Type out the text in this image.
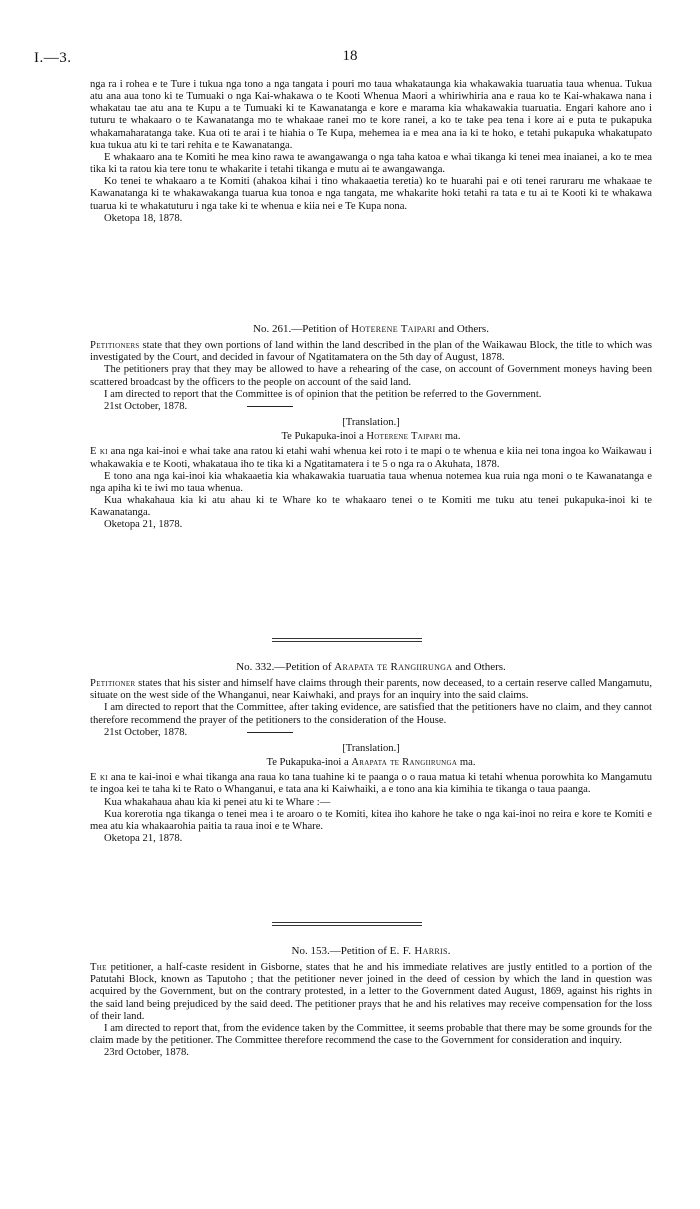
I.—3.	18

nga ra i rohea e te Ture i tukua nga tono a nga tangata i pouri mo taua whakataunga kia whakawakia tuaruatia taua whenua. Tukua atu ana aua tono ki te Tumuaki o nga Kai-whakawa o te Kooti Whenua Maori a whiriwhiria ana e raua ko te Kai-whakawa nana i whakatau tae atu ana te Kupu a te Tumuaki ki te Kawanatanga e kore e marama kia whakawakia tuaruatia. Engari kahore ano i tuturu te whakaaro o te Kawanatanga mo te whakaae ranei mo te kore ranei, a ko te take pea tena i kore ai e puta te pukapuka whakamaharatanga take. Kua oti te arai i te hiahia o Te Kupa, mehemea ia e mea ana ia ki te hoko, e tetahi pukapuka whakatupato kua tukua atu ki te tari rehita e te Kawanatanga.

E whakaaro ana te Komiti he mea kino rawa te awangawanga o nga taha katoa e whai tikanga ki tenei mea inaianei, a ko te mea tika ki ta ratou kia tere tonu te whakarite i tetahi tikanga e mutu ai te awangawanga.

Ko tenei te whakaaro a te Komiti (ahakoa kihai i tino whakaaetia teretia) ko te huarahi pai e oti tenei raruraru me whakaae te Kawanatanga ki te whakawakanga tuarua kua tonoa e nga tangata, me whakarite hoki tetahi ra tata e tu ai te Kooti ki te whakawa tuarua ki te whakatuturu i nga take ki te whenua e kiia nei e Te Kupa nona.

Oketopa 18, 1878.

No. 261.—Petition of Hoterene Taipari and Others.

Petitioners state that they own portions of land within the land described in the plan of the Waikawau Block, the title to which was investigated by the Court, and decided in favour of Ngatitamatera on the 5th day of August, 1878.

The petitioners pray that they may be allowed to have a rehearing of the case, on account of Government moneys having been scattered broadcast by the officers to the people on account of the said land.

I am directed to report that the Committee is of opinion that the petition be referred to the Government.

21st October, 1878.

[Translation.]

Te Pukapuka-inoi a Hoterene Taipari ma.

E ki ana nga kai-inoi e whai take ana ratou ki etahi wahi whenua kei roto i te mapi o te whenua e kiia nei tona ingoa ko Waikawau i whakawakia e te Kooti, whakataua iho te tika ki a Ngatitamatera i te 5 o nga ra o Akuhata, 1878.

E tono ana nga kai-inoi kia whakaaetia kia whakawakia tuaruatia taua whenua notemea kua ruia nga moni o te Kawanatanga e nga apiha ki te iwi mo taua whenua.

Kua whakahaua kia ki atu ahau ki te Whare ko te whakaaro tenei o te Komiti me tuku atu tenei pukapuka-inoi ki te Kawanatanga.

Oketopa 21, 1878.

No. 332.—Petition of Arapata te Rangiirunga and Others.

Petitioner states that his sister and himself have claims through their parents, now deceased, to a certain reserve called Mangamutu, situate on the west side of the Whanganui, near Kaiwhaki, and prays for an inquiry into the said claims.

I am directed to report that the Committee, after taking evidence, are satisfied that the petitioners have no claim, and they cannot therefore recommend the prayer of the petitioners to the consideration of the House.

21st October, 1878.

[Translation.]

Te Pukapuka-inoi a Arapata te Rangiirunga ma.

E ki ana te kai-inoi e whai tikanga ana raua ko tana tuahine ki te paanga o o raua matua ki tetahi whenua porowhita ko Mangamutu te ingoa kei te taha ki te Rato o Whanganui, e tata ana ki Kaiwhaiki, a e tono ana kia kimihia te tikanga o taua paanga.

Kua whakahaua ahau kia ki penei atu ki te Whare :—

Kua korerotia nga tikanga o tenei mea i te aroaro o te Komiti, kitea iho kahore he take o nga kai-inoi no reira e kore te Komiti e mea atu kia whakaarohia paitia ta raua inoi e te Whare.

Oketopa 21, 1878.

No. 153.—Petition of E. F. Harris.

The petitioner, a half-caste resident in Gisborne, states that he and his immediate relatives are justly entitled to a portion of the Patutahi Block, known as Taputoho ; that the petitioner never joined in the deed of cession by which the land in question was acquired by the Government, but on the contrary protested, in a letter to the Government dated August, 1869, against his rights in the said land being prejudiced by the said deed. The petitioner prays that he and his relatives may receive compensation for the loss of their land.

I am directed to report that, from the evidence taken by the Committee, it seems probable that there may be some grounds for the claim made by the petitioner. The Committee therefore recommend the case to the Government for consideration and inquiry.

23rd October, 1878.
